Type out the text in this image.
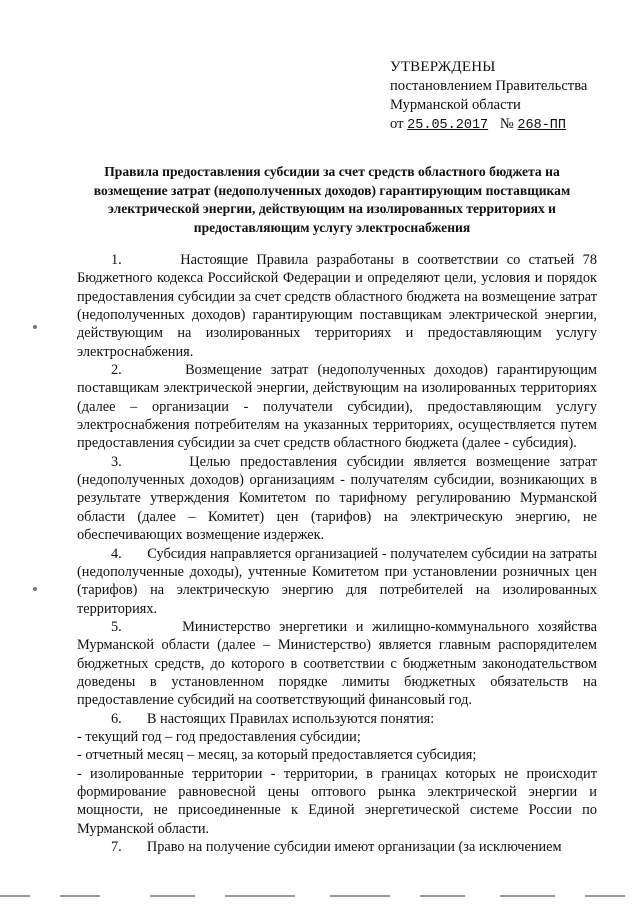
УТВЕРЖДЕНЫ
постановлением Правительства
Мурманской области
от 25.05.2017 № 268-ПП
Правила предоставления субсидии за счет средств областного бюджета на возмещение затрат (недополученных доходов) гарантирующим поставщикам электрической энергии, действующим на изолированных территориях и предоставляющим услугу электроснабжения

1.       Настоящие Правила разработаны в соответствии со статьей 78 Бюджетного кодекса Российской Федерации и определяют цели, условия и порядок предоставления субсидии за счет средств областного бюджета на возмещение затрат (недополученных доходов) гарантирующим поставщикам электрической энергии, действующим на изолированных территориях и предоставляющим услугу электроснабжения.

2.       Возмещение затрат (недополученных доходов) гарантирующим поставщикам электрической энергии, действующим на изолированных территориях (далее – организации - получатели субсидии), предоставляющим услугу электроснабжения потребителям на указанных территориях, осуществляется путем предоставления субсидии за счет средств областного бюджета (далее - субсидия).

3.       Целью предоставления субсидии является возмещение затрат (недополученных доходов) организациям - получателям субсидии, возникающих в результате утверждения Комитетом по тарифному регулированию Мурманской области (далее – Комитет) цен (тарифов) на электрическую энергию, не обеспечивающих возмещение издержек.

4.       Субсидия направляется организацией - получателем субсидии на затраты (недополученные доходы), учтенные Комитетом при установлении розничных цен (тарифов) на электрическую энергию для потребителей на изолированных территориях.

5.       Министерство энергетики и жилищно-коммунального хозяйства Мурманской области (далее – Министерство) является главным распорядителем бюджетных средств, до которого в соответствии с бюджетным законодательством доведены в установленном порядке лимиты бюджетных обязательств на предоставление субсидий на соответствующий финансовый год.

6.       В настоящих Правилах используются понятия:

- текущий год – год предоставления субсидии;

- отчетный месяц – месяц, за который предоставляется субсидия;

- изолированные территории - территории, в границах которых не происходит формирование равновесной цены оптового рынка электрической энергии и мощности, не присоединенные к Единой энергетической системе России по Мурманской области.

7.       Право на получение субсидии имеют организации (за исключением
